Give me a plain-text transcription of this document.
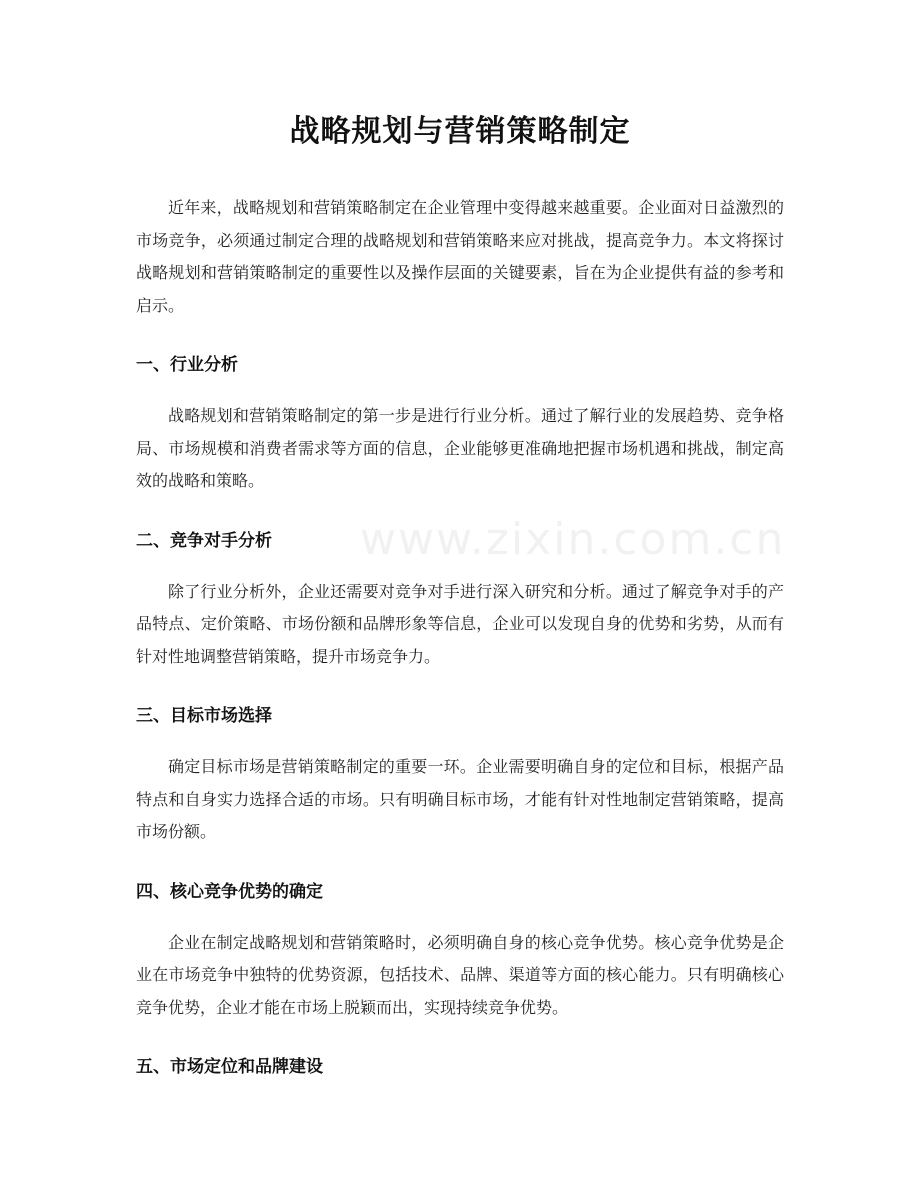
战略规划与营销策略制定

近年来，战略规划和营销策略制定在企业管理中变得越来越重要。企业面对日益激烈的市场竞争，必须通过制定合理的战略规划和营销策略来应对挑战，提高竞争力。本文将探讨战略规划和营销策略制定的重要性以及操作层面的关键要素，旨在为企业提供有益的参考和启示。

一、行业分析

战略规划和营销策略制定的第一步是进行行业分析。通过了解行业的发展趋势、竞争格局、市场规模和消费者需求等方面的信息，企业能够更准确地把握市场机遇和挑战，制定高效的战略和策略。

二、竞争对手分析

除了行业分析外，企业还需要对竞争对手进行深入研究和分析。通过了解竞争对手的产品特点、定价策略、市场份额和品牌形象等信息，企业可以发现自身的优势和劣势，从而有针对性地调整营销策略，提升市场竞争力。

三、目标市场选择

确定目标市场是营销策略制定的重要一环。企业需要明确自身的定位和目标，根据产品特点和自身实力选择合适的市场。只有明确目标市场，才能有针对性地制定营销策略，提高市场份额。

四、核心竞争优势的确定

企业在制定战略规划和营销策略时，必须明确自身的核心竞争优势。核心竞争优势是企业在市场竞争中独特的优势资源，包括技术、品牌、渠道等方面的核心能力。只有明确核心竞争优势，企业才能在市场上脱颖而出，实现持续竞争优势。

五、市场定位和品牌建设
www.zixin.com.cn
